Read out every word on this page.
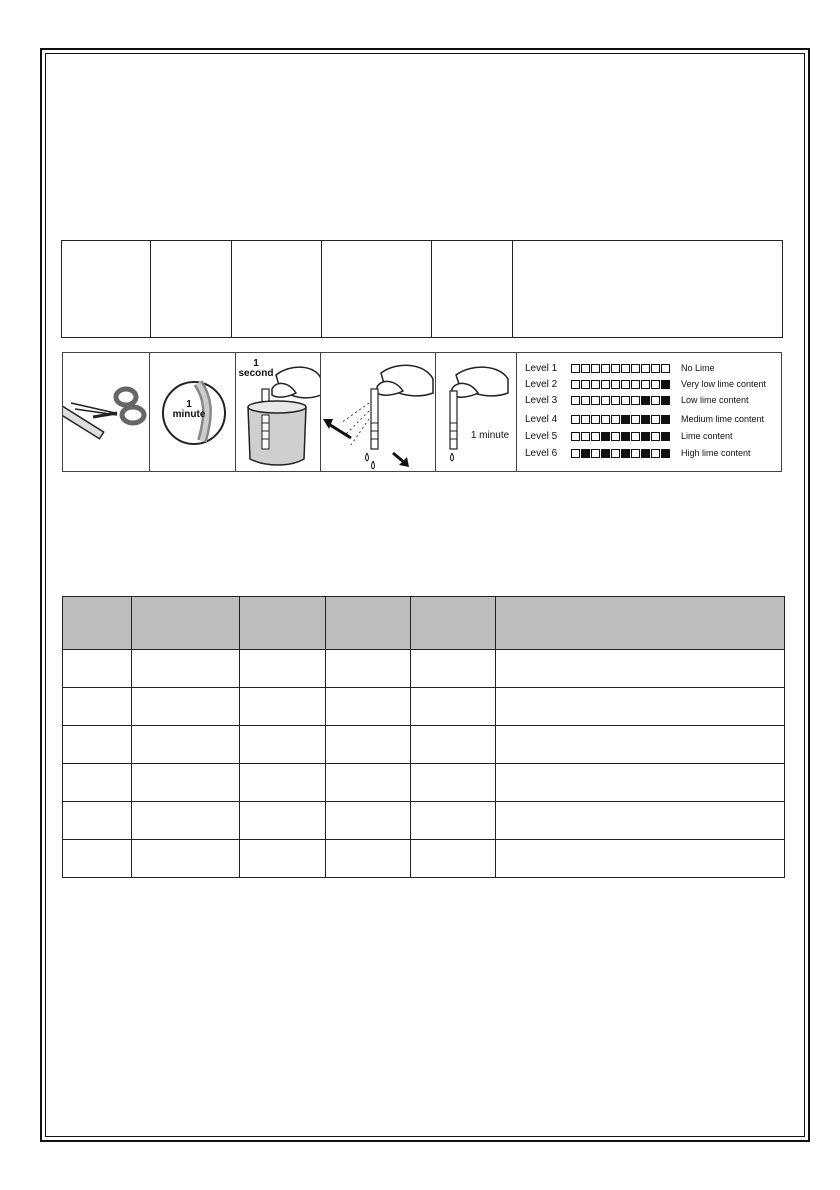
1
minute
1
second
1 minute
Level 1	No Lime
Level 2	Very low lime content
Level 3	Low lime content
Level 4	Medium lime content
Level 5	Lime content
Level 6	High lime content
